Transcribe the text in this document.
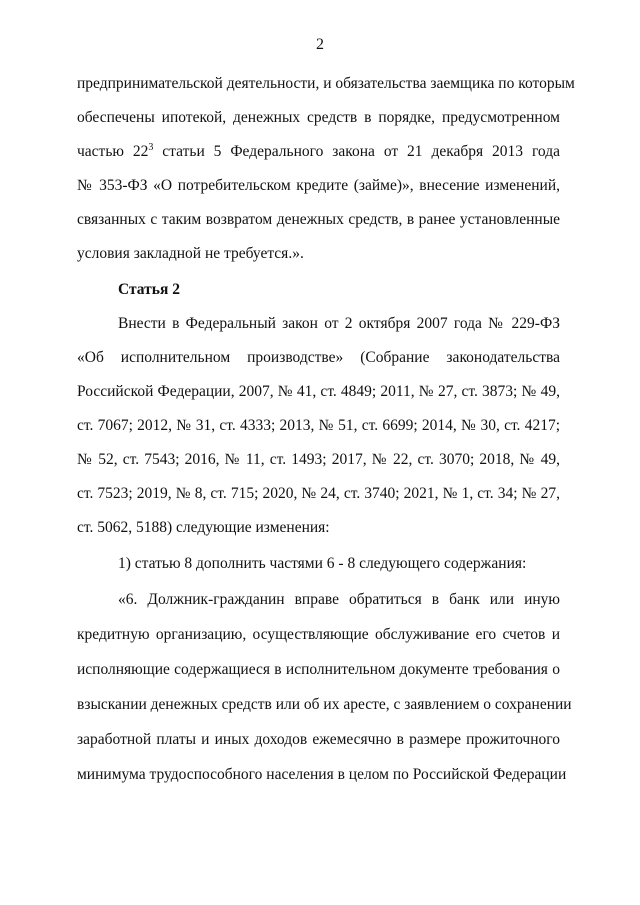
2
предпринимательской деятельности, и обязательства заемщика по которым
обеспечены ипотекой, денежных средств в порядке, предусмотренном
частью $22^3$ статьи 5 Федерального закона от 21 декабря 2013 года
№ 353-ФЗ «О потребительском кредите (займе)», внесение изменений,
связанных с таким возвратом денежных средств, в ранее установленные
условия закладной не требуется.».
Статья 2
Внести в Федеральный закон от 2 октября 2007 года № 229-ФЗ
«Об исполнительном производстве» (Собрание законодательства
Российской Федерации, 2007, № 41, ст. 4849; 2011, № 27, ст. 3873; № 49,
ст. 7067; 2012, № 31, ст. 4333; 2013, № 51, ст. 6699; 2014, № 30, ст. 4217;
№ 52, ст. 7543; 2016, № 11, ст. 1493; 2017, № 22, ст. 3070; 2018, № 49,
ст. 7523; 2019, № 8, ст. 715; 2020, № 24, ст. 3740; 2021, № 1, ст. 34; № 27,
ст. 5062, 5188) следующие изменения:
1) статью 8 дополнить частями 6 - 8 следующего содержания:
«6. Должник-гражданин вправе обратиться в банк или иную
кредитную организацию, осуществляющие обслуживание его счетов и
исполняющие содержащиеся в исполнительном документе требования о
взыскании денежных средств или об их аресте, с заявлением о сохранении
заработной платы и иных доходов ежемесячно в размере прожиточного
минимума трудоспособного населения в целом по Российской Федерации
